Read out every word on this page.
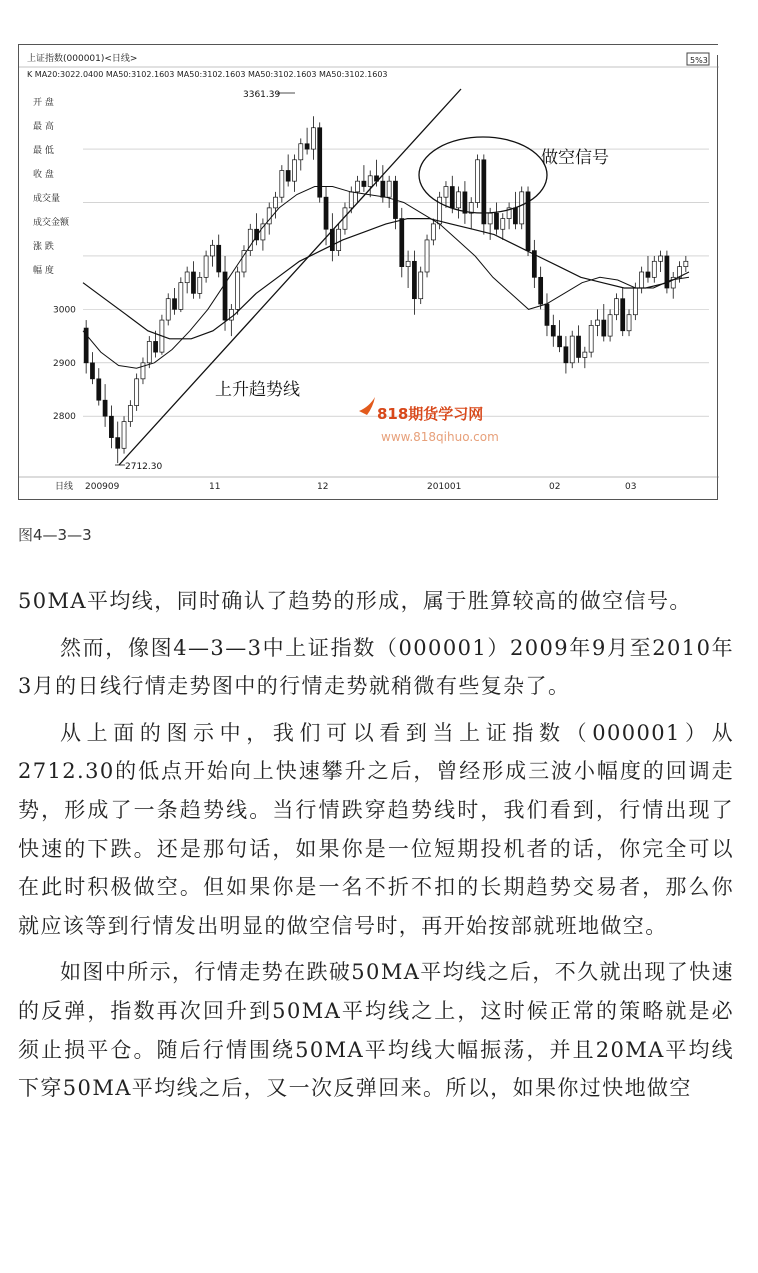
上证指数(000001)<日线>	5%3
K MA20:3022.0400 MA50:3102.1603 MA50:3102.1603 MA50:3102.1603 MA50:3102.1603
开 盘
最 高
最 低
收 盘
成交量
成交金额
涨 跌
幅 度
3000
2900
2800
上升趋势线
做空信号
3361.39
2712.30
818期货学习网
www.818qihuo.com
日线 200909	11	12	201001	02	03
图4—3—3

50MA平均线，同时确认了趋势的形成，属于胜算较高的做空信号。

然而，像图4—3—3中上证指数（000001）2009年9月至2010年3月的日线行情走势图中的行情走势就稍微有些复杂了。

从上面的图示中，我们可以看到当上证指数（000001）从2712.30的低点开始向上快速攀升之后，曾经形成三波小幅度的回调走势，形成了一条趋势线。当行情跌穿趋势线时，我们看到，行情出现了快速的下跌。还是那句话，如果你是一位短期投机者的话，你完全可以在此时积极做空。但如果你是一名不折不扣的长期趋势交易者，那么你就应该等到行情发出明显的做空信号时，再开始按部就班地做空。

如图中所示，行情走势在跌破50MA平均线之后，不久就出现了快速的反弹，指数再次回升到50MA平均线之上，这时候正常的策略就是必须止损平仓。随后行情围绕50MA平均线大幅振荡，并且20MA平均线下穿50MA平均线之后，又一次反弹回来。所以，如果你过快地做空
